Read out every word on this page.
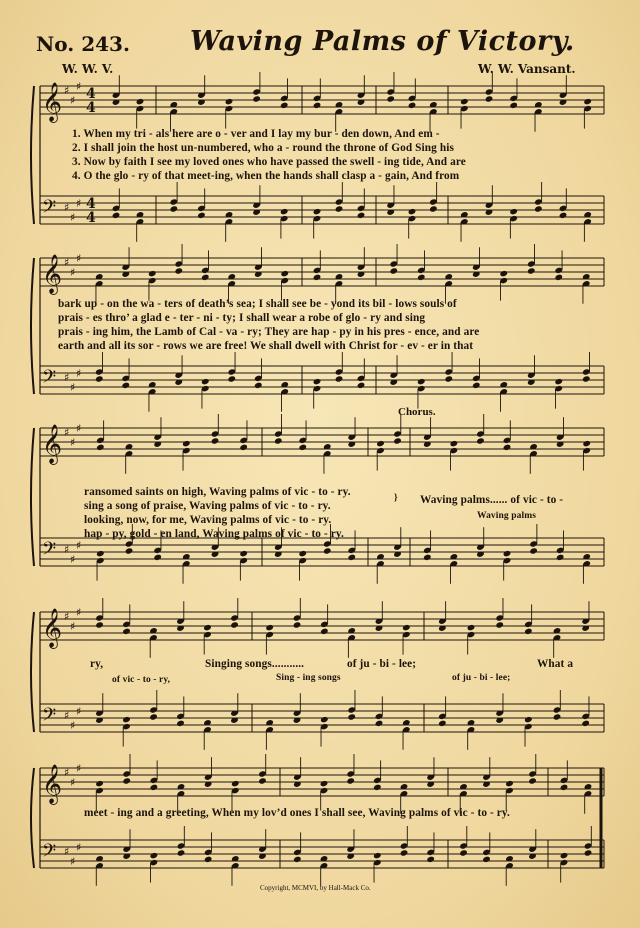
No. 243. Waving Palms of Victory.
W. W. V.	W. W. Vansant.
𝄞
𝄢
♯
♯
♯
♯
♯
♯
4
4
4
4
𝄞
𝄢
♯
♯
♯
♯
♯
♯
𝄞
𝄢
♯
♯
♯
♯
♯
♯
𝄞
𝄢
♯
♯
♯
♯
♯
♯
𝄞
𝄢
♯
♯
♯
♯
♯
♯
1. When my tri - als here are o - ver and I lay my bur - den down, And em -
2. I shall join the host un-numbered, who a - round the throne of God Sing his
3. Now by faith I see my loved ones who have passed the swell - ing tide, And are
4. O the glo - ry of that meet-ing, when the hands shall clasp a - gain, And from
bark up - on the wa - ters of death’s sea; I shall see be - yond its bil - lows souls of
prais - es thro’ a glad e - ter - ni - ty; I shall wear a robe of glo - ry and sing
prais - ing him, the Lamb of Cal - va - ry; They are hap - py in his pres - ence, and are
earth and all its sor - rows we are free! We shall dwell with Christ for - ev - er in that
Chorus.
ransomed saints on high, Waving palms of vic - to - ry.
sing a song of praise, Waving palms of vic - to - ry.
looking, now, for me, Waving palms of vic - to - ry.
hap - py, gold - en land, Waving palms of vic - to - ry.
} Waving palms...... of vic - to -
Waving palms
ry,	Singing songs...........	of ju - bi - lee;	What a
of vic - to - ry,	Sing - ing songs	of ju - bi - lee;
meet - ing and a greeting, When my lov’d ones I shall see, Waving palms of vic - to - ry.
Copyright, MCMVI, by Hall-Mack Co.
